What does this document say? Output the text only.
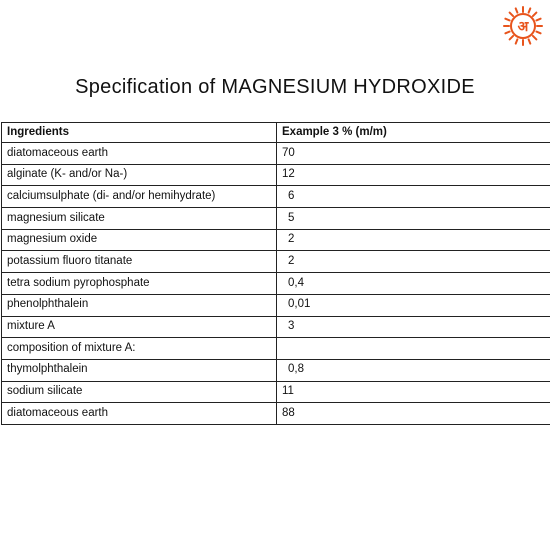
अ
Specification of MAGNESIUM HYDROXIDE
Ingredients	Example 3 % (m/m)
diatomaceous earth	70
alginate (K- and/or Na-)	12
calciumsulphate (di- and/or hemihydrate)	6
magnesium silicate	5
magnesium oxide	2
potassium fluoro titanate	2
tetra sodium pyrophosphate	0,4
phenolphthalein	0,01
mixture A	3
composition of mixture A:	
thymolphthalein	0,8
sodium silicate	11
diatomaceous earth	88
